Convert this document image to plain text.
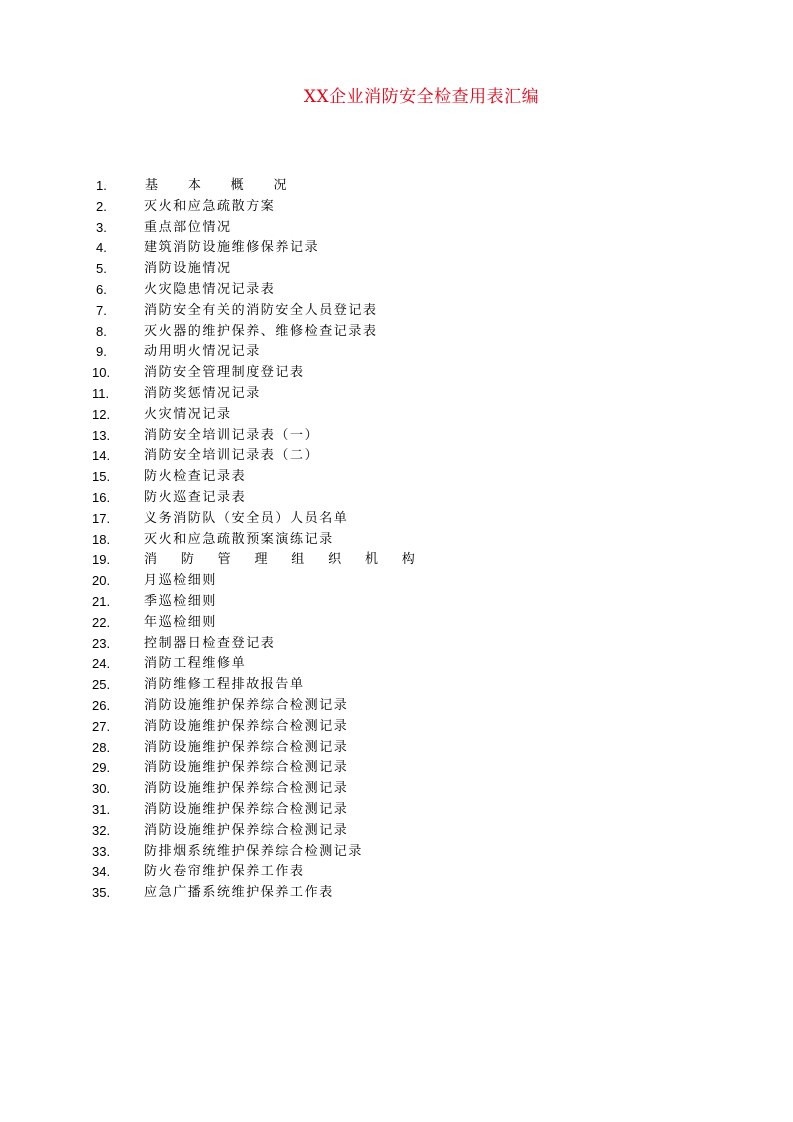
XX企业消防安全检查用表汇编
1.	基 本 概 况
2.	灭火和应急疏散方案
3.	重点部位情况
4.	建筑消防设施维修保养记录
5.	消防设施情况
6.	火灾隐患情况记录表
7.	消防安全有关的消防安全人员登记表
8.	灭火器的维护保养、维修检查记录表
9.	动用明火情况记录
10.	消防安全管理制度登记表
11.	消防奖惩情况记录
12.	火灾情况记录
13.	消防安全培训记录表（一）
14.	消防安全培训记录表（二）
15.	防火检查记录表
16.	防火巡查记录表
17.	义务消防队（安全员）人员名单
18.	灭火和应急疏散预案演练记录
19.	消 防 管 理 组 织 机 构
20.	月巡检细则
21.	季巡检细则
22.	年巡检细则
23.	控制器日检查登记表
24.	消防工程维修单
25.	消防维修工程排故报告单
26.	消防设施维护保养综合检测记录
27.	消防设施维护保养综合检测记录
28.	消防设施维护保养综合检测记录
29.	消防设施维护保养综合检测记录
30.	消防设施维护保养综合检测记录
31.	消防设施维护保养综合检测记录
32.	消防设施维护保养综合检测记录
33.	防排烟系统维护保养综合检测记录
34.	防火卷帘维护保养工作表
35.	应急广播系统维护保养工作表
